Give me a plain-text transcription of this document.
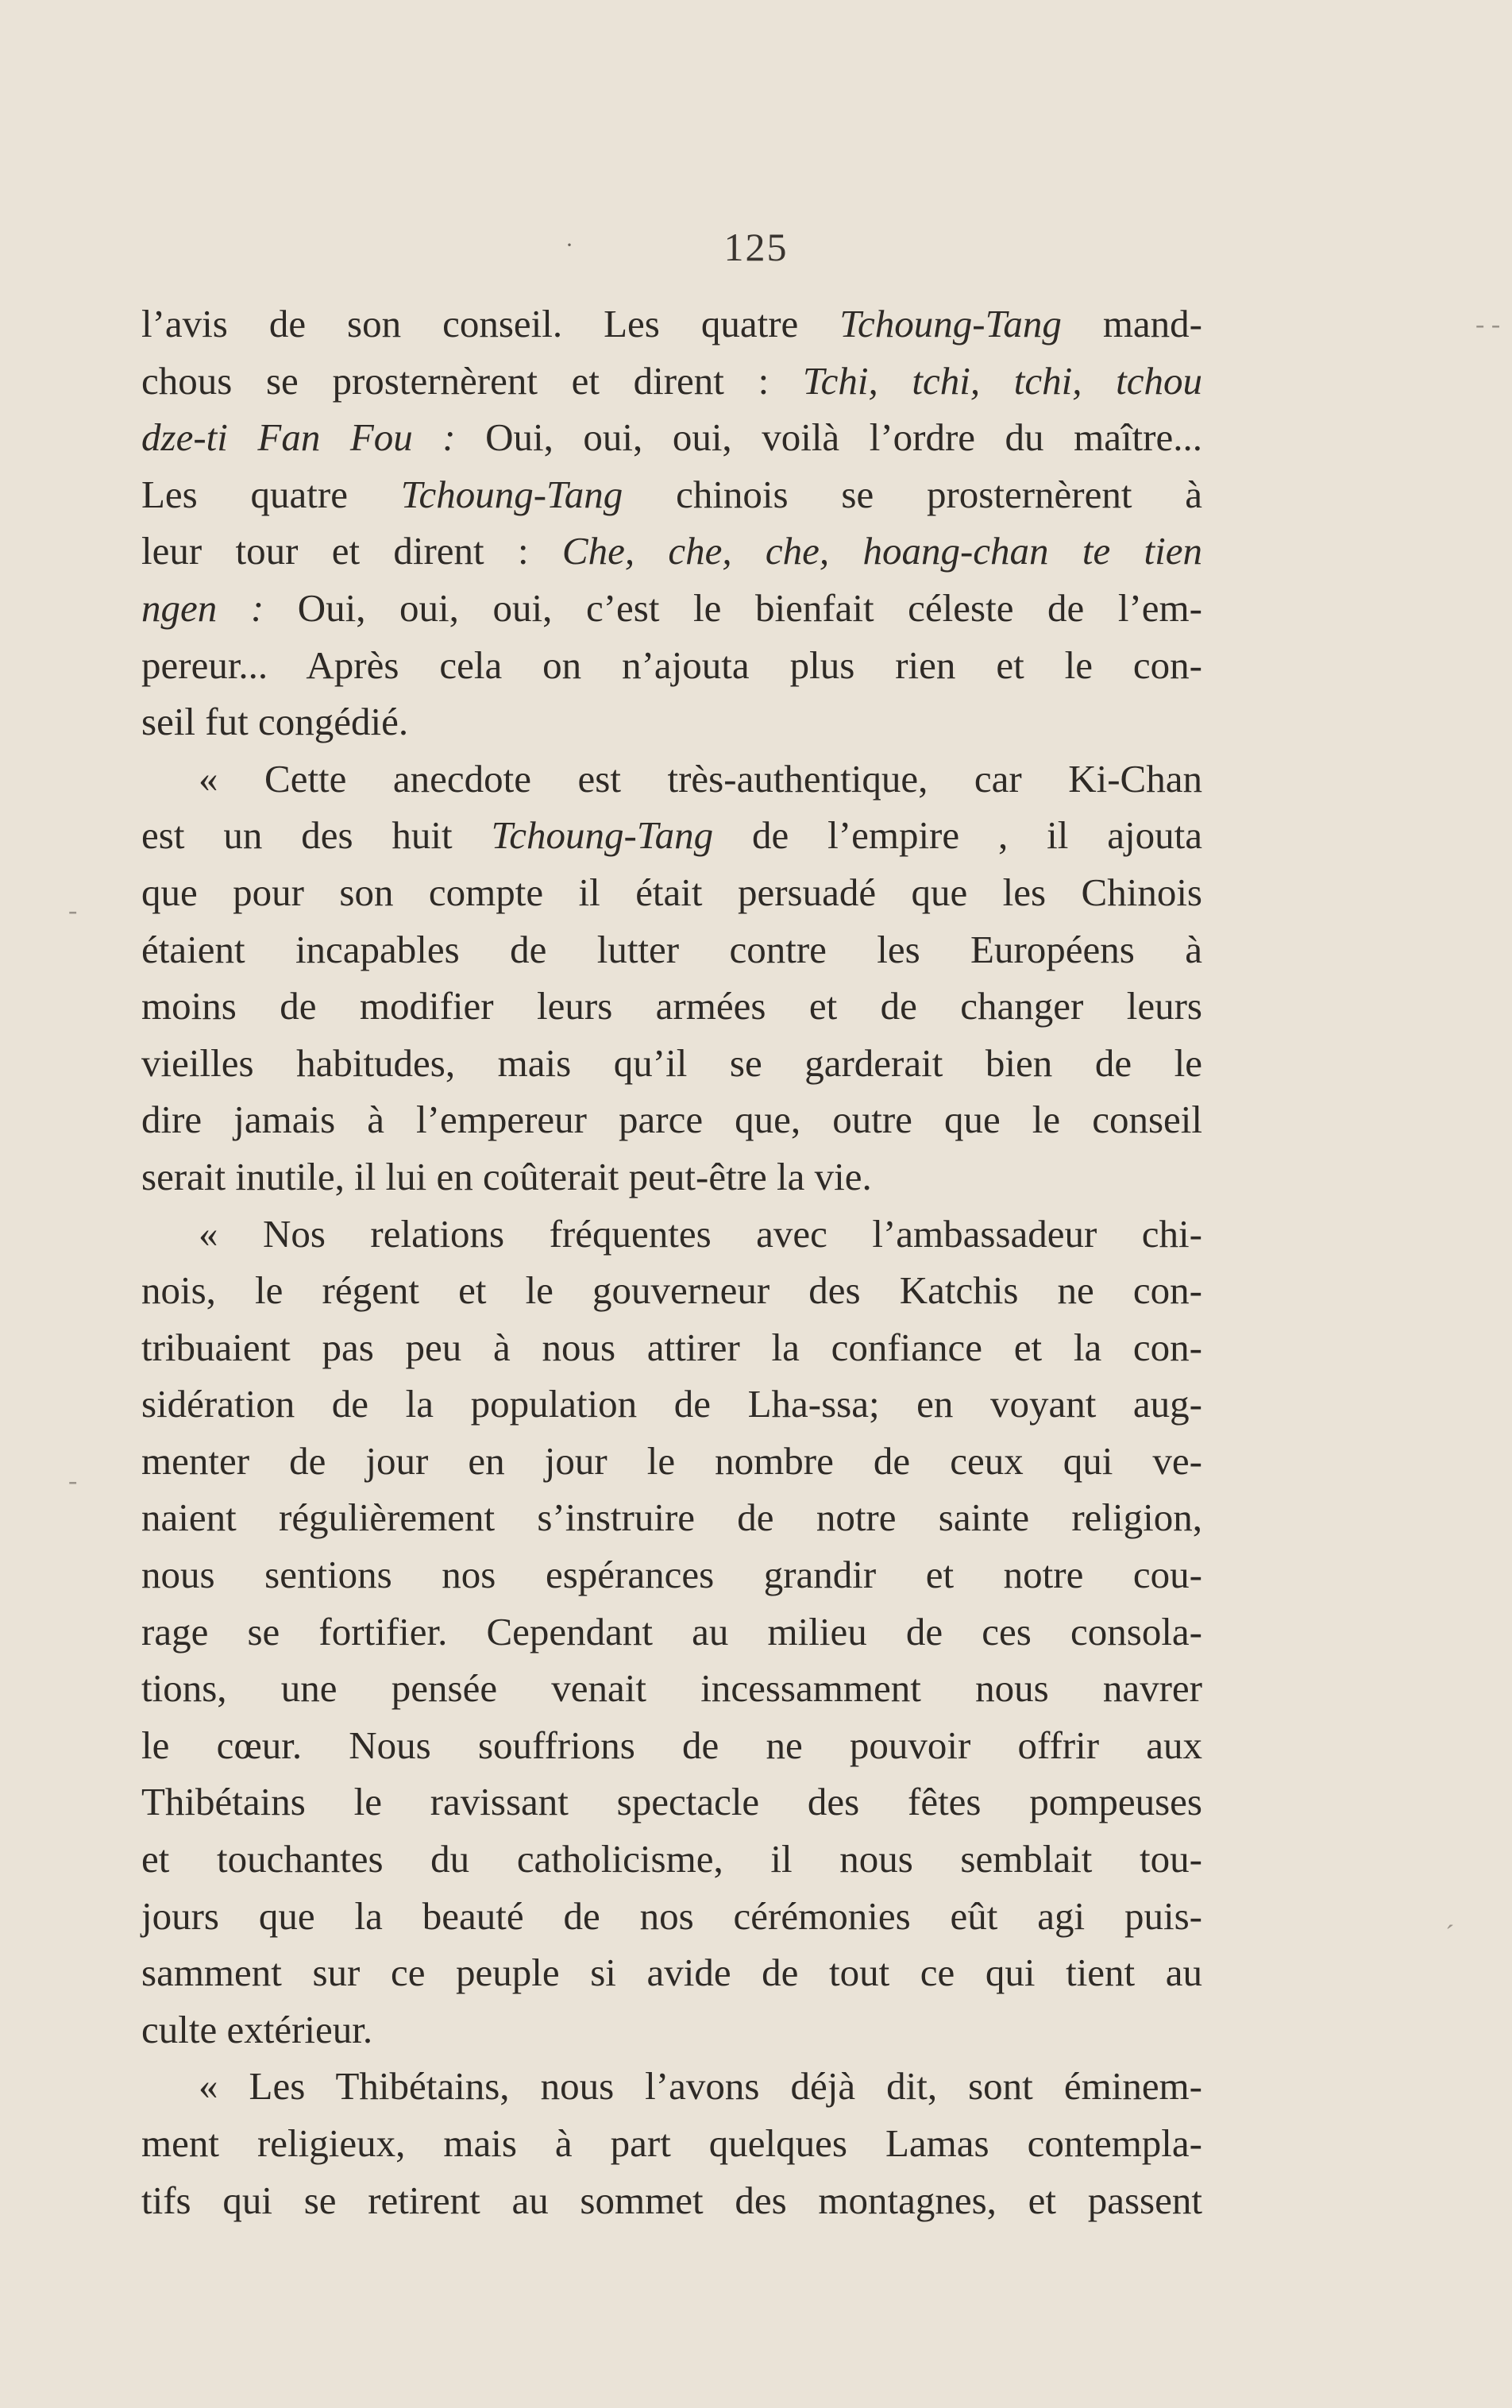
·	125
l’avis de son conseil. Les quatre Tchoung-Tang mand-
chous se prosternèrent et dirent : Tchi, tchi, tchi, tchou
dze-ti Fan Fou : Oui, oui, oui, voilà l’ordre du maître...
Les quatre Tchoung-Tang chinois se prosternèrent à
leur tour et dirent : Che, che, che, hoang-chan te tien
ngen : Oui, oui, oui, c’est le bienfait céleste de l’em-
pereur... Après cela on n’ajouta plus rien et le con-
seil fut congédié.
« Cette anecdote est très-authentique, car Ki-Chan
est un des huit Tchoung-Tang de l’empire , il ajouta
que pour son compte il était persuadé que les Chinois
étaient incapables de lutter contre les Européens à
moins de modifier leurs armées et de changer leurs
vieilles habitudes, mais qu’il se garderait bien de le
dire jamais à l’empereur parce que, outre que le conseil
serait inutile, il lui en coûterait peut-être la vie.
« Nos relations fréquentes avec l’ambassadeur chi-
nois, le régent et le gouverneur des Katchis ne con-
tribuaient pas peu à nous attirer la confiance et la con-
sidération de la population de Lha-ssa; en voyant aug-
menter de jour en jour le nombre de ceux qui ve-
naient régulièrement s’instruire de notre sainte religion,
nous sentions nos espérances grandir et notre cou-
rage se fortifier. Cependant au milieu de ces consola-
tions, une pensée venait incessamment nous navrer
le cœur. Nous souffrions de ne pouvoir offrir aux
Thibétains le ravissant spectacle des fêtes pompeuses
et touchantes du catholicisme, il nous semblait tou-
jours que la beauté de nos cérémonies eût agi puis-
samment sur ce peuple si avide de tout ce qui tient au
culte extérieur.
« Les Thibétains, nous l’avons déjà dit, sont éminem-
ment religieux, mais à part quelques Lamas contempla-
tifs qui se retirent au sommet des montagnes, et passent
- -
-
-
´
